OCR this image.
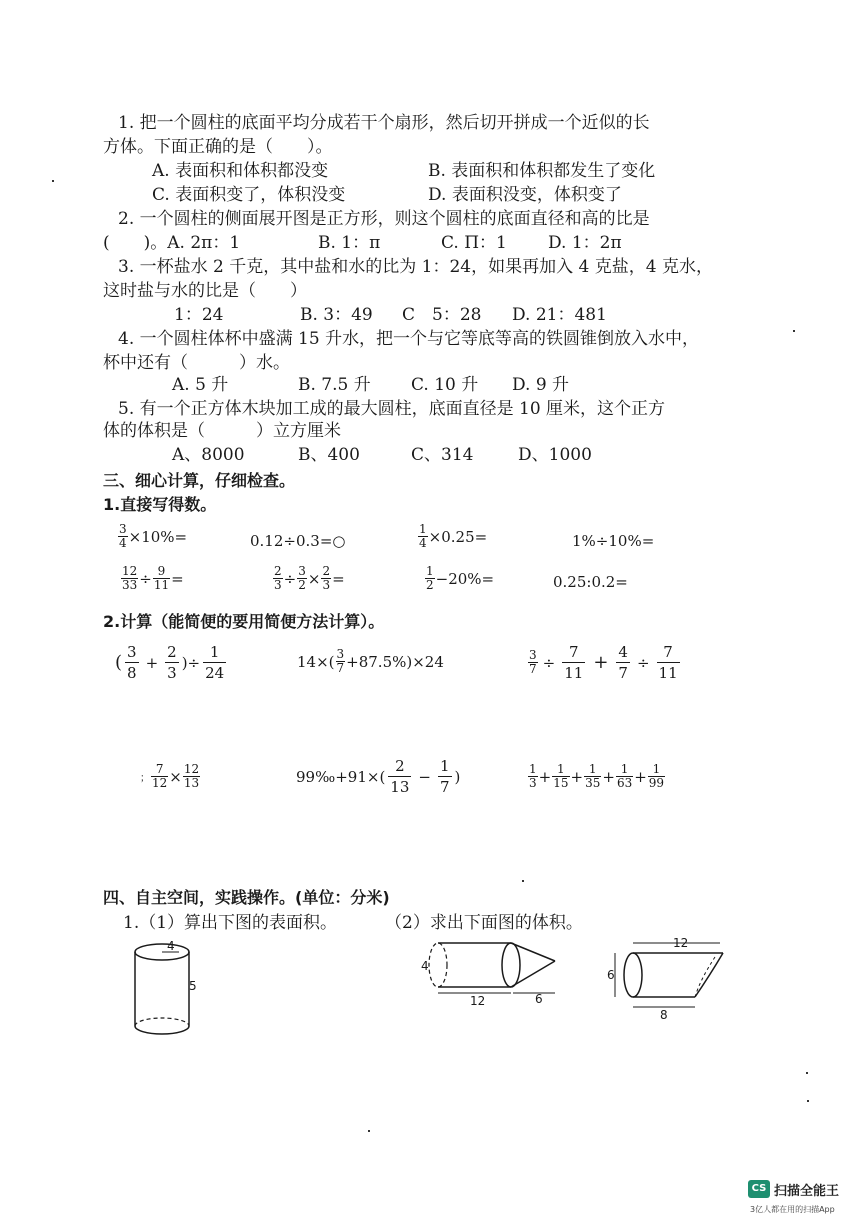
1. 把一个圆柱的底面平均分成若干个扇形，然后切开拼成一个近似的长
方体。下面正确的是（　　）。
A. 表面积和体积都没变	B. 表面积和体积都发生了变化
C. 表面积变了，体积没变	D. 表面积没变，体积变了
2. 一个圆柱的侧面展开图是正方形，则这个圆柱的底面直径和高的比是
(　　)。A. 2π：1	B. 1：π	C. Π：1 D. 1：2π
3. 一杯盐水 2 千克，其中盐和水的比为 1：24，如果再加入 4 克盐，4 克水，
这时盐与水的比是（　　）
1：24	B. 3：49 C　5：28 D. 21：481
4. 一个圆柱体杯中盛满 15 升水，把一个与它等底等高的铁圆锥倒放入水中，
杯中还有（　　　）水。
A. 5 升	B. 7.5 升 C. 10 升 D. 9 升
5. 有一个正方体木块加工成的最大圆柱，底面直径是 10 厘米，这个正方
体的体积是（　　　）立方厘米
A、8000	B、400	C、314	D、1000
三、细心计算，仔细检查。
1.直接写得数。
$\frac{3}{4} \times 10\%=$	0.12÷0.3=○	$\frac{1}{4} \times 0.25=$	1%÷10%=
$\frac{12}{33} \div \frac{9}{11}$ =	$\frac{2}{3} \div \frac{3}{2} \times \frac{2}{3}$ =	$\frac{1}{2} -20\%=$	0.25:0.2=
2.计算（能简便的要用简便方法计算）。
( $\frac{3}{8} + \frac{2}{3}$ )÷ $\frac{1}{24}$	$14\times( \frac{3}{7} +87.5\%)\times 24$	$\frac{3}{7} \div \frac{7}{11} + \frac{4}{7} \div \frac{7}{11}$
； $\frac{7}{12} \times \frac{12}{13}$	99‰+91×( $\frac{2}{13} - \frac{1}{7}$ )	$\frac{1}{3} + \frac{1}{15} + \frac{1}{35} + \frac{1}{63} + \frac{1}{99}$
四、自主空间，实践操作。(单位：分米)
1.（1）算出下图的表面积。	（2）求出下面图的体积。
4
5
4
12	6
12
6
8
CS 扫描全能王
3亿人都在用的扫描App
